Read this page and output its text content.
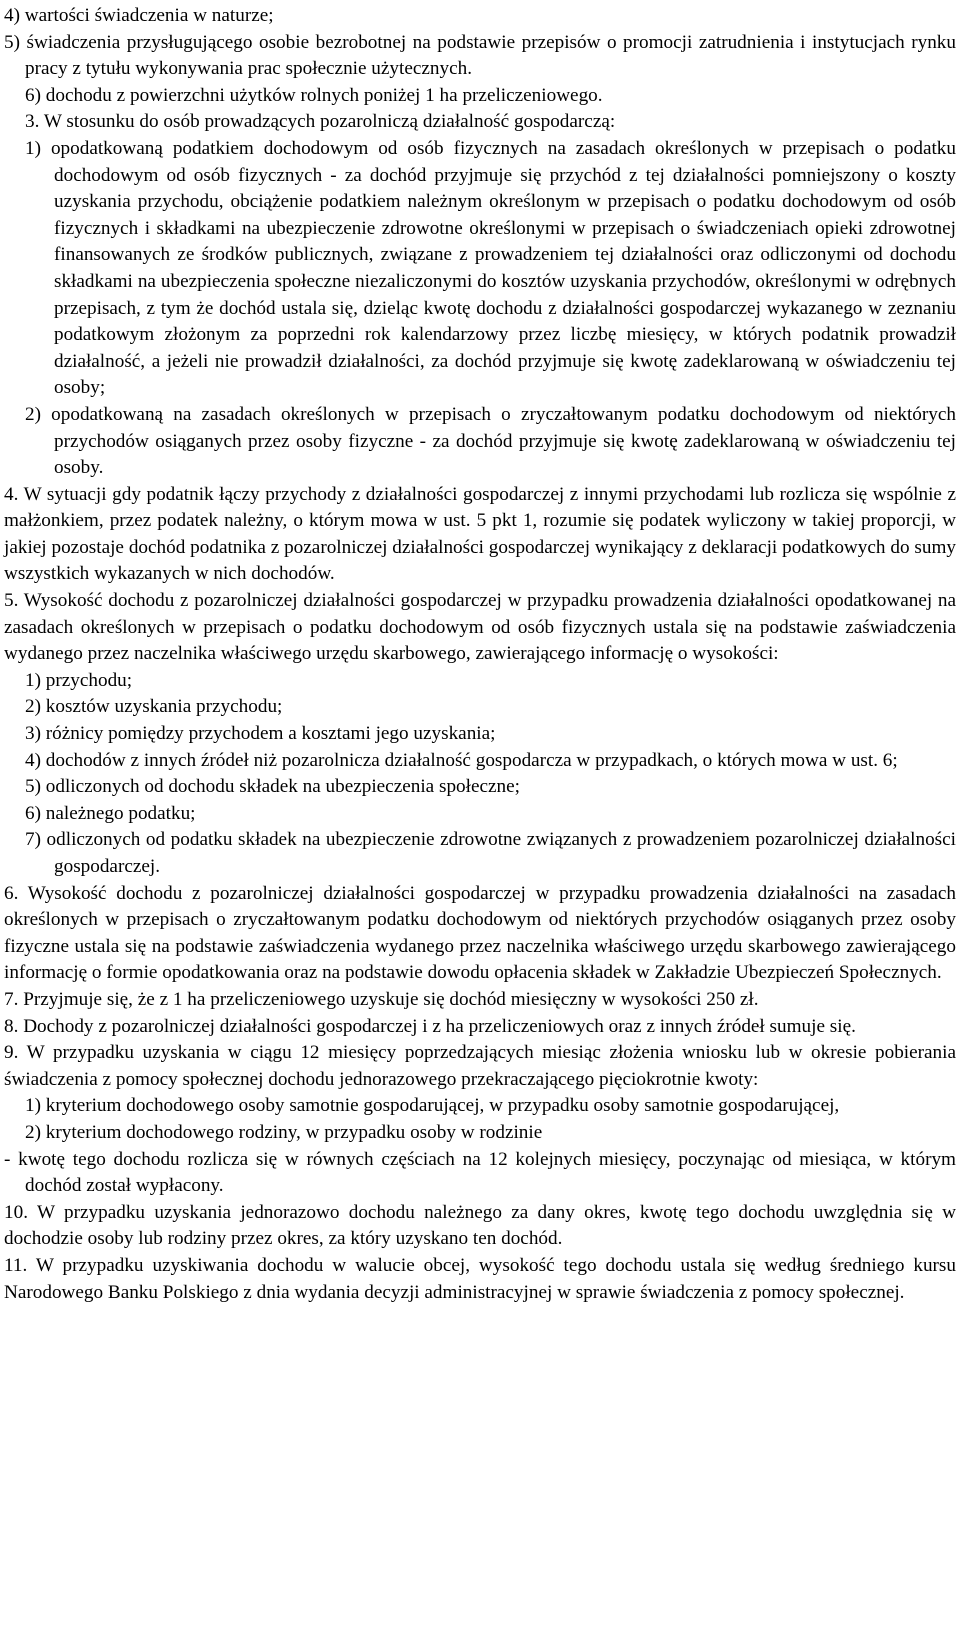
4) wartości świadczenia w naturze;

5) świadczenia przysługującego osobie bezrobotnej na podstawie przepisów o promocji zatrudnienia i instytucjach rynku pracy z tytułu wykonywania prac społecznie użytecznych.

6) dochodu z powierzchni użytków rolnych poniżej 1 ha przeliczeniowego.

3. W stosunku do osób prowadzących pozarolniczą działalność gospodarczą:

1) opodatkowaną podatkiem dochodowym od osób fizycznych na zasadach określonych w przepisach o podatku dochodowym od osób fizycznych - za dochód przyjmuje się przychód z tej działalności pomniejszony o koszty uzyskania przychodu, obciążenie podatkiem należnym określonym w przepisach o podatku dochodowym od osób fizycznych i składkami na ubezpieczenie zdrowotne określonymi w przepisach o świadczeniach opieki zdrowotnej finansowanych ze środków publicznych, związane z prowadzeniem tej działalności oraz odliczonymi od dochodu składkami na ubezpieczenia społeczne niezaliczonymi do kosztów uzyskania przychodów, określonymi w odrębnych przepisach, z tym że dochód ustala się, dzieląc kwotę dochodu z działalności gospodarczej wykazanego w zeznaniu podatkowym złożonym za poprzedni rok kalendarzowy przez liczbę miesięcy, w których podatnik prowadził działalność, a jeżeli nie prowadził działalności, za dochód przyjmuje się kwotę zadeklarowaną w oświadczeniu tej osoby;

2) opodatkowaną na zasadach określonych w przepisach o zryczałtowanym podatku dochodowym od niektórych przychodów osiąganych przez osoby fizyczne - za dochód przyjmuje się kwotę zadeklarowaną w oświadczeniu tej osoby.

4. W sytuacji gdy podatnik łączy przychody z działalności gospodarczej z innymi przychodami lub rozlicza się wspólnie z małżonkiem, przez podatek należny, o którym mowa w ust. 5 pkt 1, rozumie się podatek wyliczony w takiej proporcji, w jakiej pozostaje dochód podatnika z pozarolniczej działalności gospodarczej wynikający z deklaracji podatkowych do sumy wszystkich wykazanych w nich dochodów.

5. Wysokość dochodu z pozarolniczej działalności gospodarczej w przypadku prowadzenia działalności opodatkowanej na zasadach określonych w przepisach o podatku dochodowym od osób fizycznych ustala się na podstawie zaświadczenia wydanego przez naczelnika właściwego urzędu skarbowego, zawierającego informację o wysokości:

1) przychodu;

2) kosztów uzyskania przychodu;

3) różnicy pomiędzy przychodem a kosztami jego uzyskania;

4) dochodów z innych źródeł niż pozarolnicza działalność gospodarcza w przypadkach, o których mowa w ust. 6;

5) odliczonych od dochodu składek na ubezpieczenia społeczne;

6) należnego podatku;

7) odliczonych od podatku składek na ubezpieczenie zdrowotne związanych z prowadzeniem pozarolniczej działalności gospodarczej.

6. Wysokość dochodu z pozarolniczej działalności gospodarczej w przypadku prowadzenia działalności na zasadach określonych w przepisach o zryczałtowanym podatku dochodowym od niektórych przychodów osiąganych przez osoby fizyczne ustala się na podstawie zaświadczenia wydanego przez naczelnika właściwego urzędu skarbowego zawierającego informację o formie opodatkowania oraz na podstawie dowodu opłacenia składek w Zakładzie Ubezpieczeń Społecznych.

7. Przyjmuje się, że z 1 ha przeliczeniowego uzyskuje się dochód miesięczny w wysokości 250 zł.

8. Dochody z pozarolniczej działalności gospodarczej i z ha przeliczeniowych oraz z innych źródeł sumuje się.

9. W przypadku uzyskania w ciągu 12 miesięcy poprzedzających miesiąc złożenia wniosku lub w okresie pobierania świadczenia z pomocy społecznej dochodu jednorazowego przekraczającego pięciokrotnie kwoty:

1) kryterium dochodowego osoby samotnie gospodarującej, w przypadku osoby samotnie gospodarującej,

2) kryterium dochodowego rodziny, w przypadku osoby w rodzinie

- kwotę tego dochodu rozlicza się w równych częściach na 12 kolejnych miesięcy, poczynając od miesiąca, w którym dochód został wypłacony.

10. W przypadku uzyskania jednorazowo dochodu należnego za dany okres, kwotę tego dochodu uwzględnia się w dochodzie osoby lub rodziny przez okres, za który uzyskano ten dochód.

11. W przypadku uzyskiwania dochodu w walucie obcej, wysokość tego dochodu ustala się według średniego kursu Narodowego Banku Polskiego z dnia wydania decyzji administracyjnej w sprawie świadczenia z pomocy społecznej.
